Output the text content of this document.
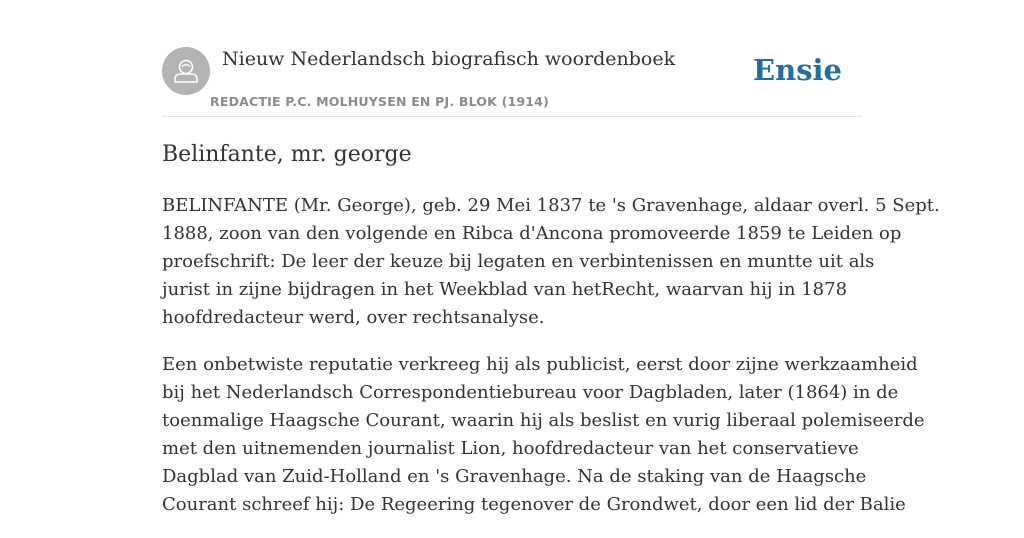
Nieuw Nederlandsch biografisch woordenboek
REDACTIE P.C. MOLHUYSEN EN PJ. BLOK (1914)
Ensie
Belinfante, mr. george

BELINFANTE (Mr. George), geb. 29 Mei 1837 te 's Gravenhage, aldaar overl. 5 Sept.
1888, zoon van den volgende en Ribca d'Ancona promoveerde 1859 te Leiden op
proefschrift: De leer der keuze bij legaten en verbintenissen en muntte uit als
jurist in zijne bijdragen in het Weekblad van hetRecht, waarvan hij in 1878
hoofdredacteur werd, over rechtsanalyse.

Een onbetwiste reputatie verkreeg hij als publicist, eerst door zijne werkzaamheid
bij het Nederlandsch Correspondentiebureau voor Dagbladen, later (1864) in de
toenmalige Haagsche Courant, waarin hij als beslist en vurig liberaal polemiseerde
met den uitnemenden journalist Lion, hoofdredacteur van het conservatieve
Dagblad van Zuid-Holland en 's Gravenhage. Na de staking van de Haagsche
Courant schreef hij: De Regeering tegenover de Grondwet, door een lid der Balie
